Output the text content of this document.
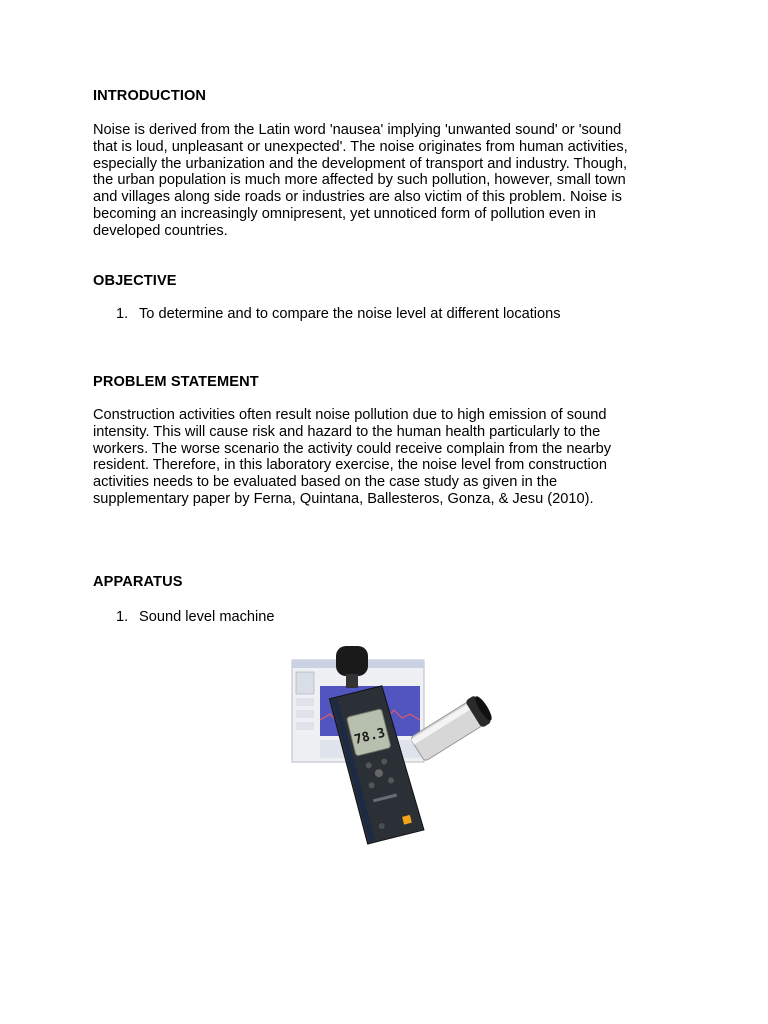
INTRODUCTION
Noise is derived from the Latin word 'nausea' implying 'unwanted sound' or 'sound
that is loud, unpleasant or unexpected'. The noise originates from human activities,
especially the urbanization and the development of transport and industry. Though,
the urban population is much more affected by such pollution, however, small town
and villages along side roads or industries are also victim of this problem. Noise is
becoming an increasingly omnipresent, yet unnoticed form of pollution even in
developed countries.
OBJECTIVE
1. To determine and to compare the noise level at different locations
PROBLEM STATEMENT
Construction activities often result noise pollution due to high emission of sound
intensity. This will cause risk and hazard to the human health particularly to the
workers. The worse scenario the activity could receive complain from the nearby
resident. Therefore, in this laboratory exercise, the noise level from construction
activities needs to be evaluated based on the case study as given in the
supplementary paper by Ferna, Quintana, Ballesteros, Gonza, & Jesu (2010).
APPARATUS
1. Sound level machine
78.3
